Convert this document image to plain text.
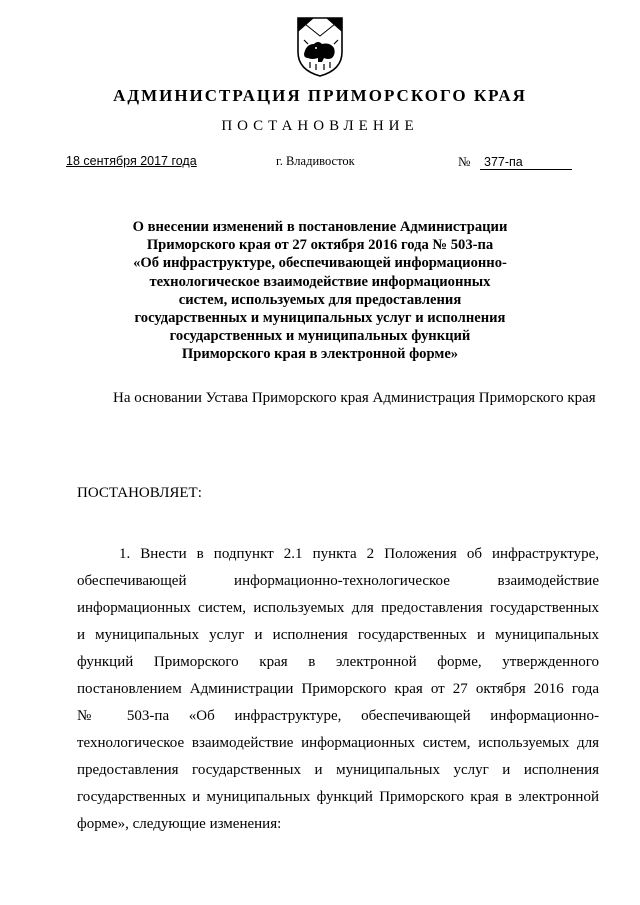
АДМИНИСТРАЦИЯ ПРИМОРСКОГО КРАЯ
ПОСТАНОВЛЕНИЕ
18 сентября 2017 года	г. Владивосток	№ 377-па
О внесении изменений в постановление Администрации
Приморского края от 27 октября 2016 года № 503-па
«Об инфраструктуре, обеспечивающей информационно-
технологическое взаимодействие информационных
систем, используемых для предоставления
государственных и муниципальных услуг и исполнения
государственных и муниципальных функций
Приморского края в электронной форме»
На основании Устава Приморского края Администрация Приморского края
ПОСТАНОВЛЯЕТ:
1. Внести в подпункт 2.1 пункта 2 Положения об инфраструктуре,
обеспечивающей информационно-технологическое взаимодействие
информационных систем, используемых для предоставления государственных
и муниципальных услуг и исполнения государственных и муниципальных
функций Приморского края в электронной форме, утвержденного
постановлением Администрации Приморского края от 27 октября 2016 года
№ 503-па «Об инфраструктуре, обеспечивающей информационно-
технологическое взаимодействие информационных систем, используемых для
предоставления государственных и муниципальных услуг и исполнения
государственных и муниципальных функций Приморского края в электронной
форме», следующие изменения:
